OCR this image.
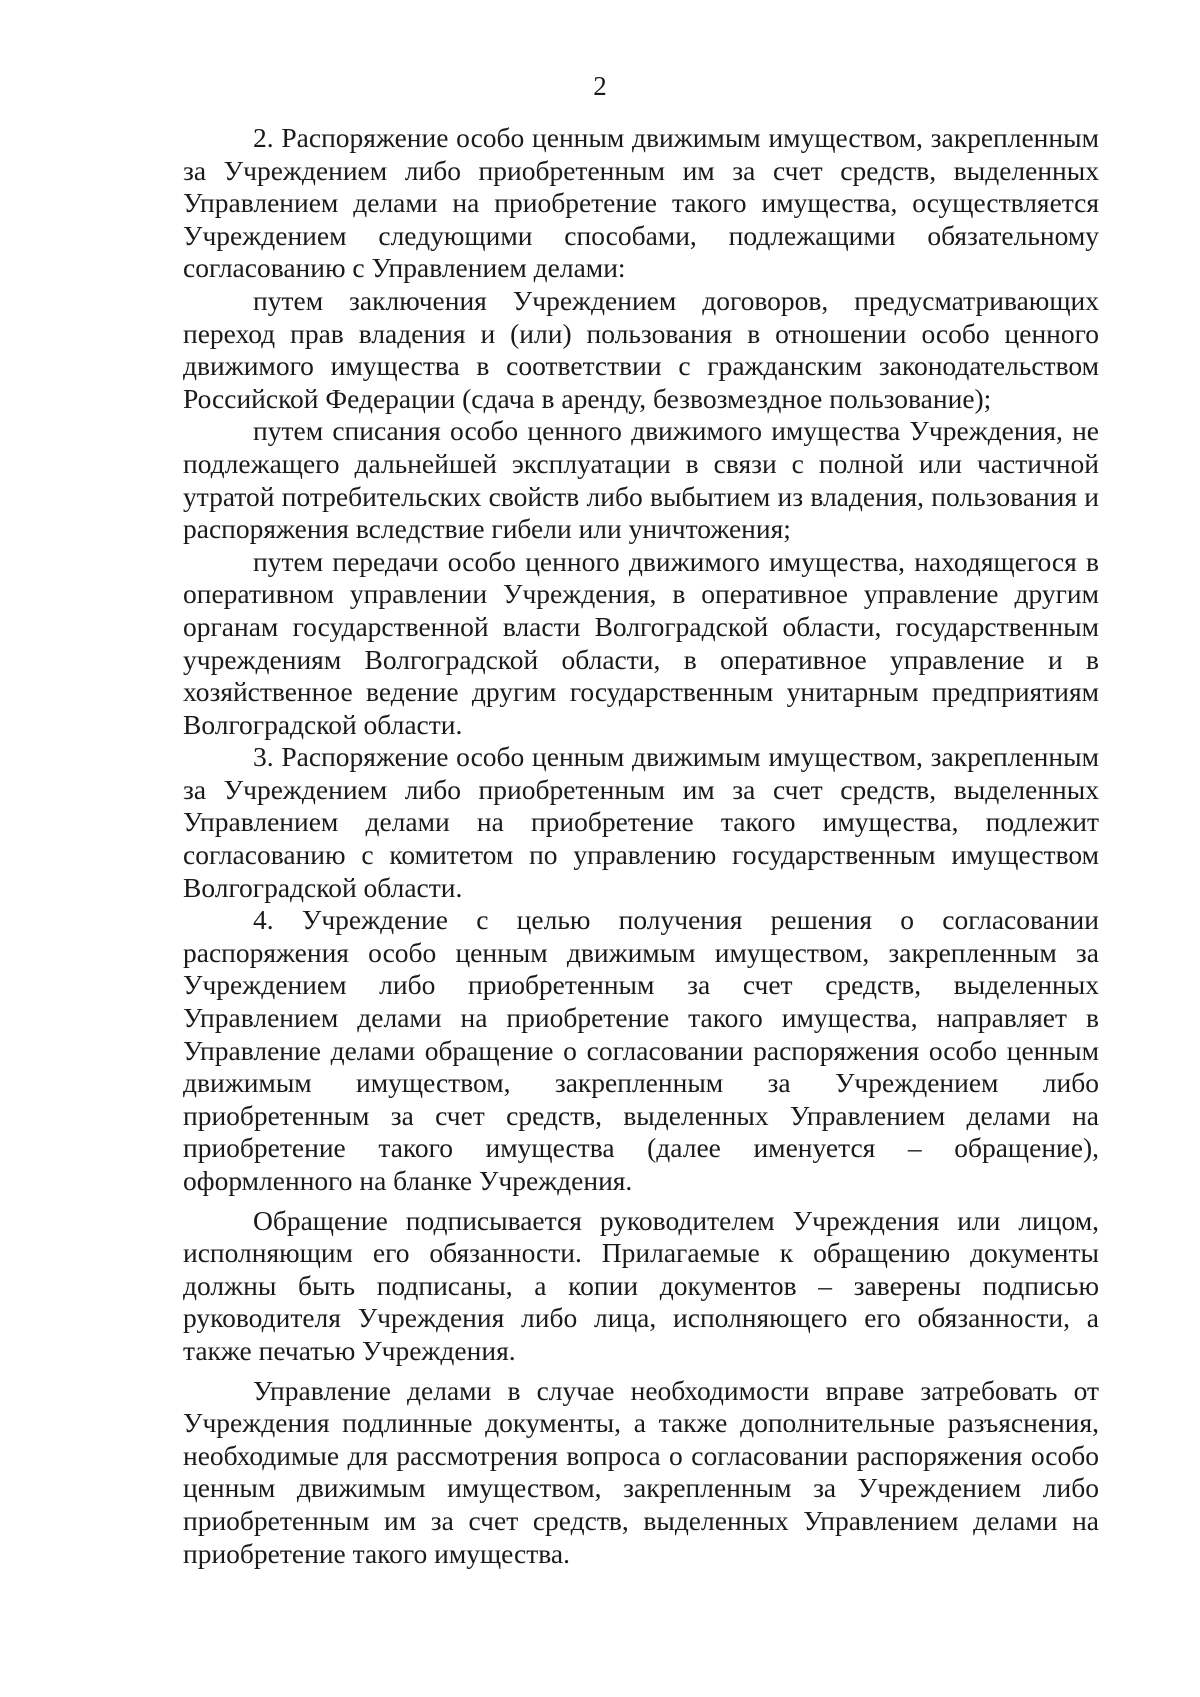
2

2. Распоряжение особо ценным движимым имуществом, закрепленным за Учреждением либо приобретенным им за счет средств, выделенных Управлением делами на приобретение такого имущества, осуществляется Учреждением следующими способами, подлежащими обязательному согласованию с Управлением делами:

путем заключения Учреждением договоров, предусматривающих переход прав владения и (или) пользования в отношении особо ценного движимого имущества в соответствии с гражданским законодательством Российской Федерации (сдача в аренду, безвозмездное пользование);

путем списания особо ценного движимого имущества Учреждения, не подлежащего дальнейшей эксплуатации в связи с полной или частичной утратой потребительских свойств либо выбытием из владения, пользования и распоряжения вследствие гибели или уничтожения;

путем передачи особо ценного движимого имущества, находящегося в оперативном управлении Учреждения, в оперативное управление другим органам государственной власти Волгоградской области, государственным учреждениям Волгоградской области, в оперативное управление и в хозяйственное ведение другим государственным унитарным предприятиям Волгоградской области.

3. Распоряжение особо ценным движимым имуществом, закрепленным за Учреждением либо приобретенным им за счет средств, выделенных Управлением делами на приобретение такого имущества, подлежит согласованию с комитетом по управлению государственным имуществом Волгоградской области.

4. Учреждение с целью получения решения о согласовании распоряжения особо ценным движимым имуществом, закрепленным за Учреждением либо приобретенным за счет средств, выделенных Управлением делами на приобретение такого имущества, направляет в Управление делами обращение о согласовании распоряжения особо ценным движимым имуществом, закрепленным за Учреждением либо приобретенным за счет средств, выделенных Управлением делами на приобретение такого имущества (далее именуется – обращение), оформленного на бланке Учреждения.

Обращение подписывается руководителем Учреждения или лицом, исполняющим его обязанности. Прилагаемые к обращению документы должны быть подписаны, а копии документов – заверены подписью руководителя Учреждения либо лица, исполняющего его обязанности, а также печатью Учреждения.

Управление делами в случае необходимости вправе затребовать от Учреждения подлинные документы, а также дополнительные разъяснения, необходимые для рассмотрения вопроса о согласовании распоряжения особо ценным движимым имуществом, закрепленным за Учреждением либо приобретенным им за счет средств, выделенных Управлением делами на приобретение такого имущества.
